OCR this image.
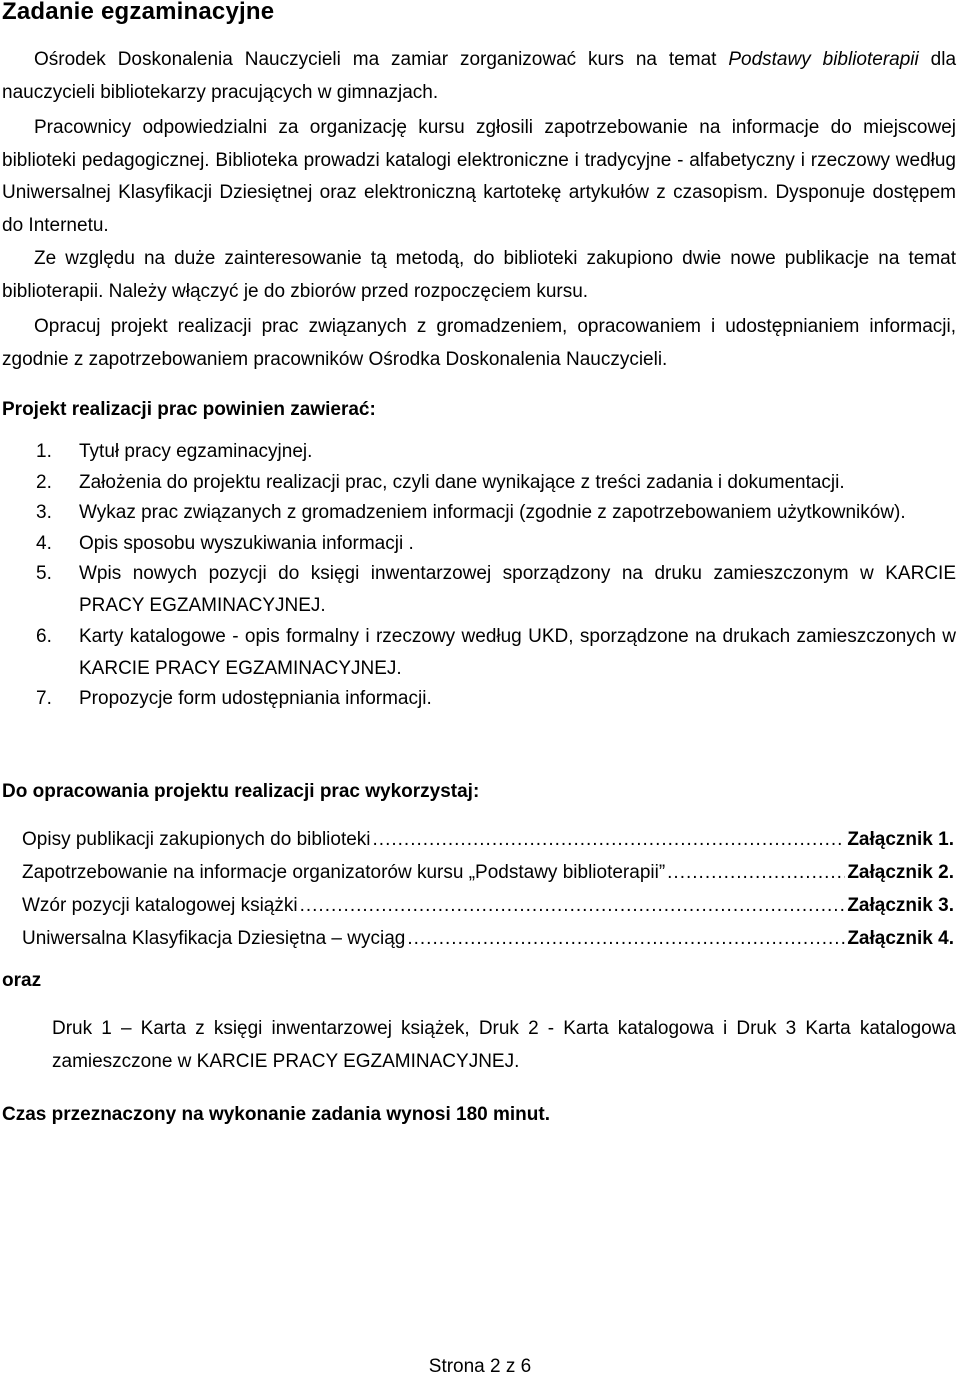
Zadanie egzaminacyjne

Ośrodek Doskonalenia Nauczycieli ma zamiar zorganizować kurs na temat Podstawy biblioterapii dla nauczycieli bibliotekarzy pracujących w gimnazjach.

Pracownicy odpowiedzialni za organizację kursu zgłosili zapotrzebowanie na informacje do miejscowej biblioteki pedagogicznej. Biblioteka prowadzi katalogi elektroniczne i tradycyjne - alfabetyczny i rzeczowy według Uniwersalnej Klasyfikacji Dziesiętnej oraz elektroniczną kartotekę artykułów z czasopism. Dysponuje dostępem do Internetu.

Ze względu na duże zainteresowanie tą metodą, do biblioteki zakupiono dwie nowe publikacje na temat biblioterapii. Należy włączyć je do zbiorów przed rozpoczęciem kursu.

Opracuj projekt realizacji prac związanych z gromadzeniem, opracowaniem i udostępnianiem informacji, zgodnie z zapotrzebowaniem pracowników Ośrodka Doskonalenia Nauczycieli.

Projekt realizacji prac powinien zawierać:
1.	Tytuł pracy egzaminacyjnej.
2.	Założenia do projektu realizacji prac, czyli dane wynikające z treści zadania i dokumentacji.
3.	Wykaz prac związanych z gromadzeniem informacji (zgodnie z zapotrzebowaniem użytkowników).
4.	Opis sposobu wyszukiwania informacji .
5.	Wpis nowych pozycji do księgi inwentarzowej sporządzony na druku zamieszczonym w KARCIE PRACY EGZAMINACYJNEJ.
6.	Karty katalogowe - opis formalny i rzeczowy według UKD, sporządzone na drukach zamieszczonych w KARCIE PRACY EGZAMINACYJNEJ.
7.	Propozycje form udostępniania informacji.
Do opracowania projektu realizacji prac wykorzystaj:
Opisy publikacji zakupionych do biblioteki .....	Załącznik 1.
Zapotrzebowanie na informacje organizatorów kursu „Podstawy biblioterapii” .....	Załącznik 2.
Wzór pozycji katalogowej książki .....	Załącznik 3.
Uniwersalna Klasyfikacja Dziesiętna – wyciąg .....	Załącznik 4.
oraz

Druk 1 – Karta z księgi inwentarzowej książek, Druk 2 - Karta katalogowa i Druk 3 Karta katalogowa zamieszczone w KARCIE PRACY EGZAMINACYJNEJ.

Czas przeznaczony na wykonanie zadania wynosi 180 minut.
Strona 2 z 6
